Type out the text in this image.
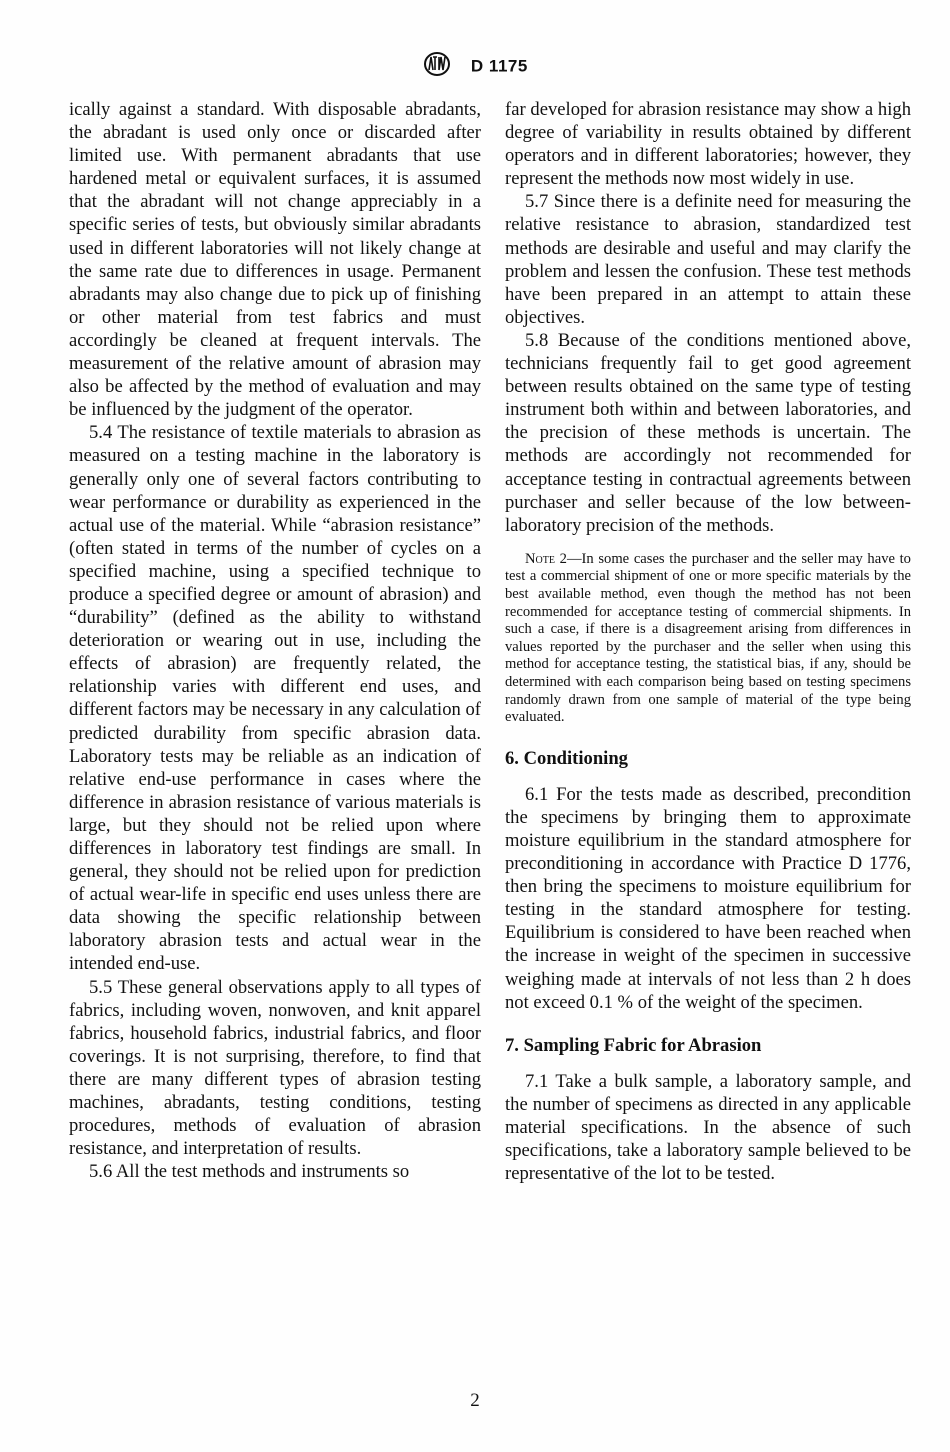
D 1175

ically against a standard. With disposable abradants, the abradant is used only once or discarded after limited use. With permanent abradants that use hardened metal or equivalent surfaces, it is assumed that the abradant will not change appreciably in a specific series of tests, but obviously similar abradants used in different laboratories will not likely change at the same rate due to differences in usage. Permanent abradants may also change due to pick up of finishing or other material from test fabrics and must accordingly be cleaned at frequent intervals. The measurement of the relative amount of abrasion may also be affected by the method of evaluation and may be influenced by the judgment of the operator.

5.4 The resistance of textile materials to abrasion as measured on a testing machine in the laboratory is generally only one of several factors contributing to wear performance or durability as experienced in the actual use of the material. While “abrasion resistance” (often stated in terms of the number of cycles on a specified machine, using a specified technique to produce a specified degree or amount of abrasion) and “durability” (defined as the ability to withstand deterioration or wearing out in use, including the effects of abrasion) are frequently related, the relationship varies with different end uses, and different factors may be necessary in any calculation of predicted durability from specific abrasion data. Laboratory tests may be reliable as an indication of relative end-use performance in cases where the difference in abrasion resistance of various materials is large, but they should not be relied upon where differences in laboratory test findings are small. In general, they should not be relied upon for prediction of actual wear-life in specific end uses unless there are data showing the specific relationship between laboratory abrasion tests and actual wear in the intended end-use.

5.5 These general observations apply to all types of fabrics, including woven, nonwoven, and knit apparel fabrics, household fabrics, industrial fabrics, and floor coverings. It is not surprising, therefore, to find that there are many different types of abrasion testing machines, abradants, testing conditions, testing procedures, methods of evaluation of abrasion resistance, and interpretation of results.

5.6 All the test methods and instruments so

far developed for abrasion resistance may show a high degree of variability in results obtained by different operators and in different laboratories; however, they represent the methods now most widely in use.

5.7 Since there is a definite need for measuring the relative resistance to abrasion, standardized test methods are desirable and useful and may clarify the problem and lessen the confusion. These test methods have been prepared in an attempt to attain these objectives.

5.8 Because of the conditions mentioned above, technicians frequently fail to get good agreement between results obtained on the same type of testing instrument both within and between laboratories, and the precision of these methods is uncertain. The methods are accordingly not recommended for acceptance testing in contractual agreements between purchaser and seller because of the low between-laboratory precision of the methods.

Note 2—In some cases the purchaser and the seller may have to test a commercial shipment of one or more specific materials by the best available method, even though the method has not been recommended for acceptance testing of commercial shipments. In such a case, if there is a disagreement arising from differences in values reported by the purchaser and the seller when using this method for acceptance testing, the statistical bias, if any, should be determined with each comparison being based on testing specimens randomly drawn from one sample of material of the type being evaluated.

6. Conditioning

6.1 For the tests made as described, precondition the specimens by bringing them to approximate moisture equilibrium in the standard atmosphere for preconditioning in accordance with Practice D 1776, then bring the specimens to moisture equilibrium for testing in the standard atmosphere for testing. Equilibrium is considered to have been reached when the increase in weight of the specimen in successive weighing made at intervals of not less than 2 h does not exceed 0.1 % of the weight of the specimen.

7. Sampling Fabric for Abrasion

7.1 Take a bulk sample, a laboratory sample, and the number of specimens as directed in any applicable material specifications. In the absence of such specifications, take a laboratory sample believed to be representative of the lot to be tested.

2
